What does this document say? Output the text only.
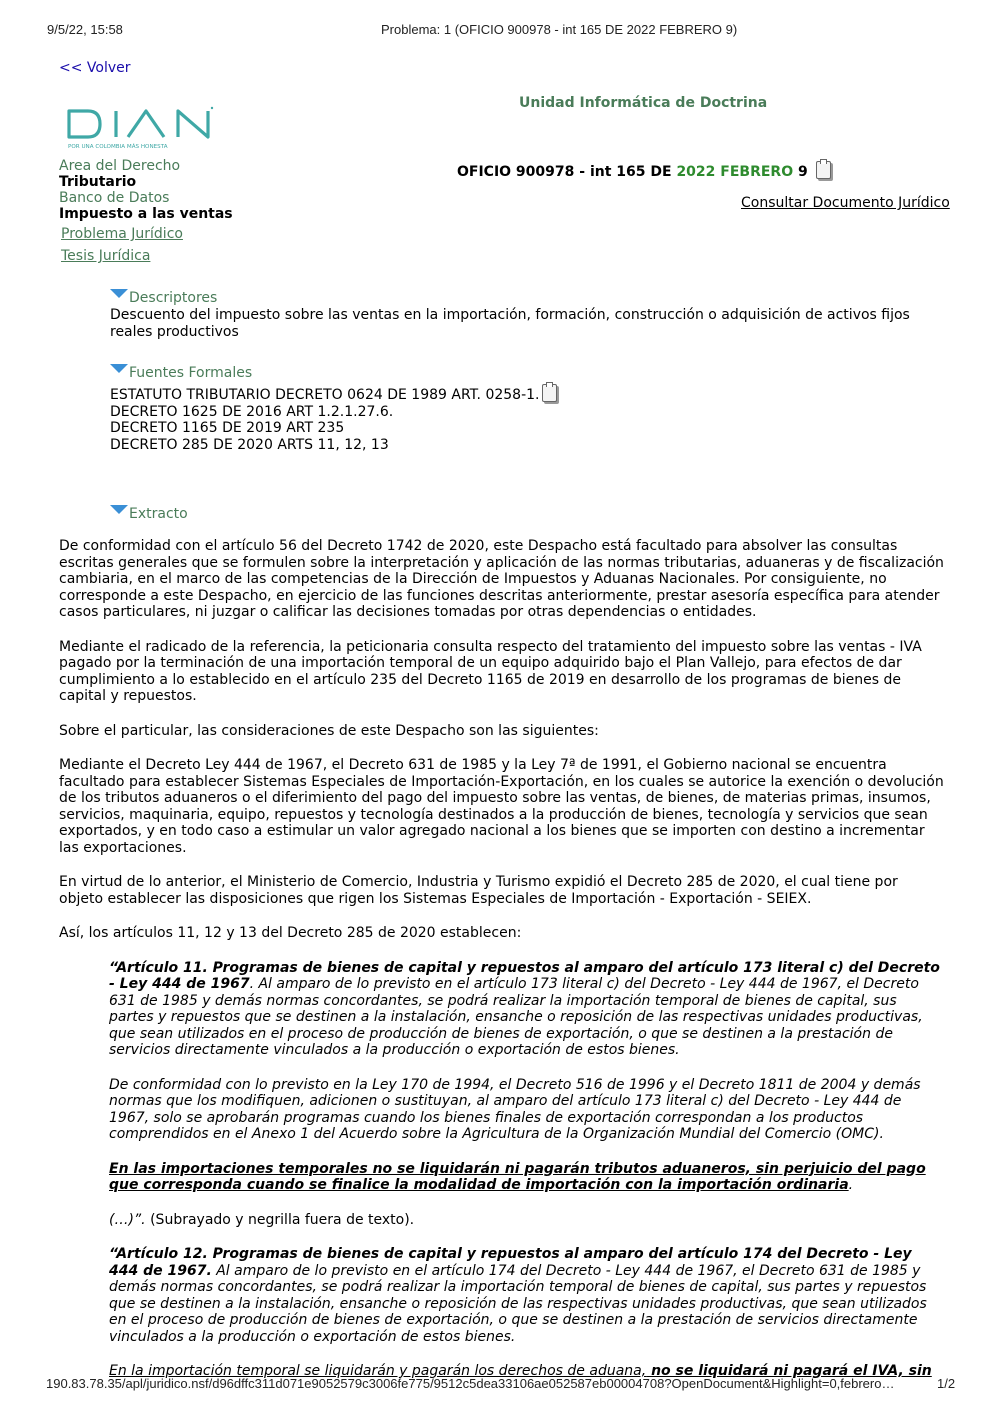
9/5/22, 15:58	Problema: 1 (OFICIO 900978 - int 165 DE 2022 FEBRERO 9)
<< Volver
POR UNA COLOMBIA MÁS HONESTA
Unidad Informática de Doctrina
Area del Derecho
Tributario
Banco de Datos
Impuesto a las ventas
Problema Jurídico
Tesis Jurídica
OFICIO 900978 - int 165 DE 2022 FEBRERO 9
Consultar Documento Jurídico
Descriptores
Descuento del impuesto sobre las ventas en la importación, formación, construcción o adquisición de activos fijos reales productivos
Fuentes Formales
ESTATUTO TRIBUTARIO DECRETO 0624 DE 1989 ART. 0258-1.
DECRETO 1625 DE 2016 ART 1.2.1.27.6.
DECRETO 1165 DE 2019 ART 235
DECRETO 285 DE 2020 ARTS 11, 12, 13
Extracto

De conformidad con el artículo 56 del Decreto 1742 de 2020, este Despacho está facultado para absolver las consultas escritas generales que se formulen sobre la interpretación y aplicación de las normas tributarias, aduaneras y de fiscalización cambiaria, en el marco de las competencias de la Dirección de Impuestos y Aduanas Nacionales. Por consiguiente, no corresponde a este Despacho, en ejercicio de las funciones descritas anteriormente, prestar asesoría específica para atender casos particulares, ni juzgar o calificar las decisiones tomadas por otras dependencias o entidades.

Mediante el radicado de la referencia, la peticionaria consulta respecto del tratamiento del impuesto sobre las ventas - IVA pagado por la terminación de una importación temporal de un equipo adquirido bajo el Plan Vallejo, para efectos de dar cumplimiento a lo establecido en el artículo 235 del Decreto 1165 de 2019 en desarrollo de los programas de bienes de capital y repuestos.

Sobre el particular, las consideraciones de este Despacho son las siguientes:

Mediante el Decreto Ley 444 de 1967, el Decreto 631 de 1985 y la Ley 7ª de 1991, el Gobierno nacional se encuentra facultado para establecer Sistemas Especiales de Importación-Exportación, en los cuales se autorice la exención o devolución de los tributos aduaneros o el diferimiento del pago del impuesto sobre las ventas, de bienes, de materias primas, insumos, servicios, maquinaria, equipo, repuestos y tecnología destinados a la producción de bienes, tecnología y servicios que sean exportados, y en todo caso a estimular un valor agregado nacional a los bienes que se importen con destino a incrementar las exportaciones.

En virtud de lo anterior, el Ministerio de Comercio, Industria y Turismo expidió el Decreto 285 de 2020, el cual tiene por objeto establecer las disposiciones que rigen los Sistemas Especiales de Importación - Exportación - SEIEX.

Así, los artículos 11, 12 y 13 del Decreto 285 de 2020 establecen:

“Artículo 11. Programas de bienes de capital y repuestos al amparo del artículo 173 literal c) del Decreto - Ley 444 de 1967. Al amparo de lo previsto en el artículo 173 literal c) del Decreto - Ley 444 de 1967, el Decreto 631 de 1985 y demás normas concordantes, se podrá realizar la importación temporal de bienes de capital, sus partes y repuestos que se destinen a la instalación, ensanche o reposición de las respectivas unidades productivas, que sean utilizados en el proceso de producción de bienes de exportación, o que se destinen a la prestación de servicios directamente vinculados a la producción o exportación de estos bienes.

De conformidad con lo previsto en la Ley 170 de 1994, el Decreto 516 de 1996 y el Decreto 1811 de 2004 y demás normas que los modifiquen, adicionen o sustituyan, al amparo del artículo 173 literal c) del Decreto - Ley 444 de 1967, solo se aprobarán programas cuando los bienes finales de exportación correspondan a los productos comprendidos en el Anexo 1 del Acuerdo sobre la Agricultura de la Organización Mundial del Comercio (OMC).

En las importaciones temporales no se liquidarán ni pagarán tributos aduaneros, sin perjuicio del pago que corresponda cuando se finalice la modalidad de importación con la importación ordinaria.

(…)”. (Subrayado y negrilla fuera de texto).

“Artículo 12. Programas de bienes de capital y repuestos al amparo del artículo 174 del Decreto - Ley 444 de 1967. Al amparo de lo previsto en el artículo 174 del Decreto - Ley 444 de 1967, el Decreto 631 de 1985 y demás normas concordantes, se podrá realizar la importación temporal de bienes de capital, sus partes y repuestos que se destinen a la instalación, ensanche o reposición de las respectivas unidades productivas, que sean utilizados en el proceso de producción de bienes de exportación, o que se destinen a la prestación de servicios directamente vinculados a la producción o exportación de estos bienes.

En la importación temporal se liquidarán y pagarán los derechos de aduana, no se liquidará ni pagará el IVA, sin

190.83.78.35/apl/juridico.nsf/d96dffc311d071e9052579c3006fe775/9512c5dea33106ae052587eb00004708?OpenDocument&Highlight=0,febrero…	1/2
